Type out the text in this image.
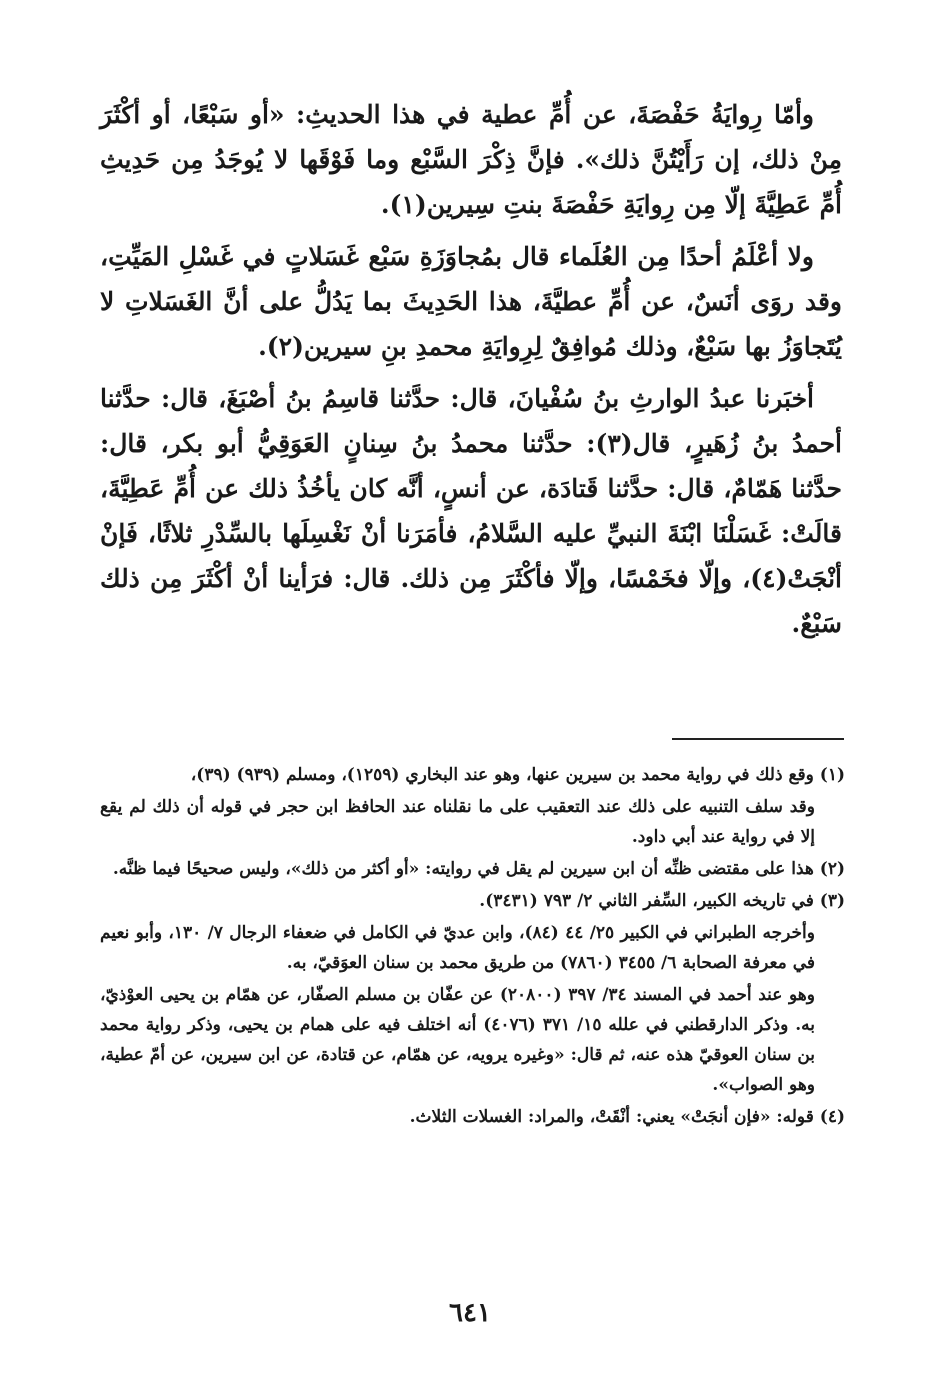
وأمّا رِوايَةُ حَفْصَةَ، عن أُمِّ عطية في هذا الحديثِ: «أو سَبْعًا، أو أكْثَرَ مِنْ ذلك، إن رَأَيْتُنَّ ذلك». فإنَّ ذِكْرَ السَّبْع وما فَوْقَها لا يُوجَدُ مِن حَدِيثِ أُمِّ عَطِيَّةَ إلّا مِن رِوايَةِ حَفْصَةَ بنتِ سِيرين(١).

ولا أعْلَمُ أحدًا مِن العُلَماء قال بمُجاوَزَةِ سَبْع غَسَلاتٍ في غَسْلِ المَيِّتِ، وقد روَى أنَسٌ، عن أُمِّ عطيَّةَ، هذا الحَدِيثَ بما يَدُلُّ على أنَّ الغَسَلاتِ لا يُتَجاوَزُ بها سَبْعٌ، وذلك مُوافِقٌ لِرِوايَةِ محمدِ بنِ سيرين(٢).

أخبَرنا عبدُ الوارثِ بنُ سُفْيانَ، قال: حدَّثنا قاسِمُ بنُ أصْبَغَ، قال: حدَّثنا أحمدُ بنُ زُهَيرٍ، قال(٣): حدَّثنا محمدُ بنُ سِنانٍ العَوَقِيُّ أبو بكر، قال: حدَّثنا هَمّامٌ، قال: حدَّثنا قَتادَة، عن أنسٍ، أنَّه كان يأخُذُ ذلك عن أُمِّ عَطِيَّةَ، قالَتْ: غَسَلْنَا ابْنَةَ النبيِّ عليه السَّلامُ، فأمَرَنا أنْ نَغْسِلَها بالسِّدْرِ ثلاثًا، فَإنْ أنْجَتْ(٤)، وإلّا فخَمْسًا، وإلّا فأكْثَرَ مِن ذلك. قال: فرَأينا أنْ أكْثَرَ مِن ذلك سَبْعٌ.

(١) وقع ذلك في رواية محمد بن سيرين عنها، وهو عند البخاري (١٢٥٩)، ومسلم (٩٣٩) (٣٩)،

وقد سلف التنبيه على ذلك عند التعقيب على ما نقلناه عند الحافظ ابن حجر في قوله أن ذلك لم يقع إلا في رواية عند أبي داود.

(٢) هذا على مقتضى ظنِّه أن ابن سيرين لم يقل في روايته: «أو أكثر من ذلك»، وليس صحيحًا فيما ظنَّه.

(٣) في تاريخه الكبير، السِّفر الثاني ٢/ ٧٩٣ (٣٤٣١).

وأخرجه الطبراني في الكبير ٢٥/ ٤٤ (٨٤)، وابن عديّ في الكامل في ضعفاء الرجال ٧/ ١٣٠، وأبو نعيم في معرفة الصحابة ٦/ ٣٤٥٥ (٧٨٦٠) من طريق محمد بن سنان العوَقيّ، به.

وهو عند أحمد في المسند ٣٤/ ٣٩٧ (٢٠٨٠٠) عن عفّان بن مسلم الصفّار، عن همّام بن يحيى العوْذيّ، به. وذكر الدارقطني في علله ١٥/ ٣٧١ (٤٠٧٦) أنه اختلف فيه على همام بن يحيى، وذكر رواية محمد بن سنان العوقيّ هذه عنه، ثم قال: «وغيره يرويه، عن همّام، عن قتادة، عن ابن سيرين، عن أمّ عطية، وهو الصواب».

(٤) قوله: «فإن أنجَتْ» يعني: أنْقَتْ، والمراد: الغسلات الثلاث.

٦٤١
